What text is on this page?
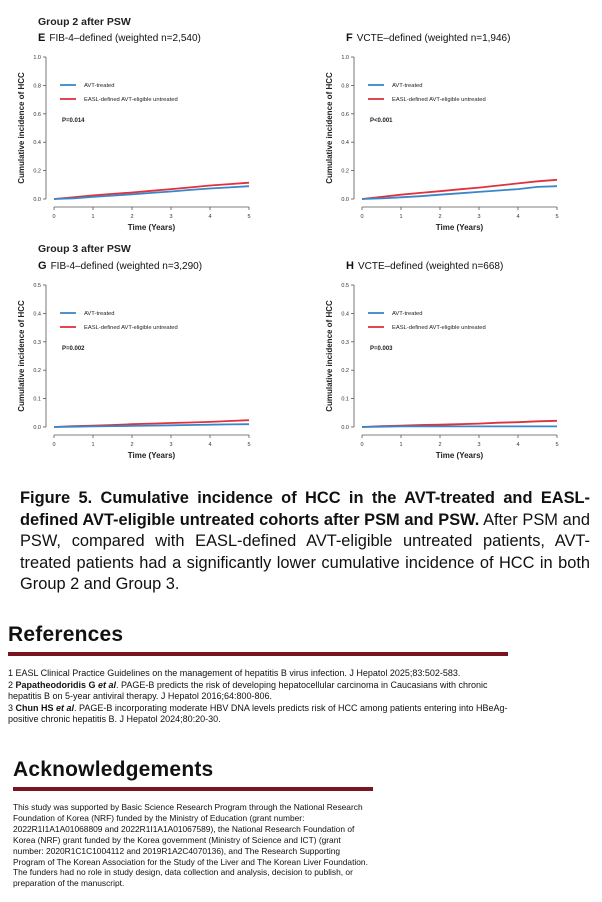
Group 2 after PSW
Group 3 after PSW
E FIB-4–defined (weighted n=2,540)
0.0
0.2
0.4
0.6
0.8
1.0
0	1	2	3	4	5
Time (Years)
Cumulative incidence of HCC	AVT-treated
EASL-defined AVT-eligible untreated
P=0.014
F VCTE–defined (weighted n=1,946)
0.0
0.2
0.4
0.6
0.8
1.0
0	1	2	3	4	5
Time (Years)
Cumulative incidence of HCC	AVT-treated
EASL-defined AVT-eligible untreated
P<0.001
G FIB-4–defined (weighted n=3,290)
0.0
0.1
0.2
0.3
0.4
0.5
0	1	2	3	4	5
Time (Years)
Cumulative incidence of HCC	AVT-treated
EASL-defined AVT-eligible untreated
P=0.002
H VCTE–defined (weighted n=668)
0.0
0.1
0.2
0.3
0.4
0.5
0	1	2	3	4	5
Time (Years)
Cumulative incidence of HCC	AVT-treated
EASL-defined AVT-eligible untreated
P=0.003
Figure 5. Cumulative incidence of HCC in the AVT-treated and EASL-defined AVT-eligible untreated cohorts after PSM and PSW. After PSM and PSW, compared with EASL-defined AVT-eligible untreated patients, AVT-treated patients had a significantly lower cumulative incidence of HCC in both Group 2 and Group 3.
References
1 EASL Clinical Practice Guidelines on the management of hepatitis B virus infection. J Hepatol 2025;83:502-583.
2 Papatheodoridis G et al. PAGE-B predicts the risk of developing hepatocellular carcinoma in Caucasians with chronic hepatitis B on 5-year antiviral therapy. J Hepatol 2016;64:800-806.
3 Chun HS et al. PAGE-B incorporating moderate HBV DNA levels predicts risk of HCC among patients entering into HBeAg-positive chronic hepatitis B. J Hepatol 2024;80:20-30.
Acknowledgements
This study was supported by Basic Science Research Program through the National Research Foundation of Korea (NRF) funded by the Ministry of Education (grant number: 2022R1I1A1A01068809 and 2022R1I1A1A01067589), the National Research Foundation of Korea (NRF) grant funded by the Korea government (Ministry of Science and ICT) (grant number: 2020R1C1C1004112 and 2019R1A2C4070136), and The Research Supporting Program of The Korean Association for the Study of the Liver and The Korean Liver Foundation. The funders had no role in study design, data collection and analysis, decision to publish, or preparation of the manuscript.
